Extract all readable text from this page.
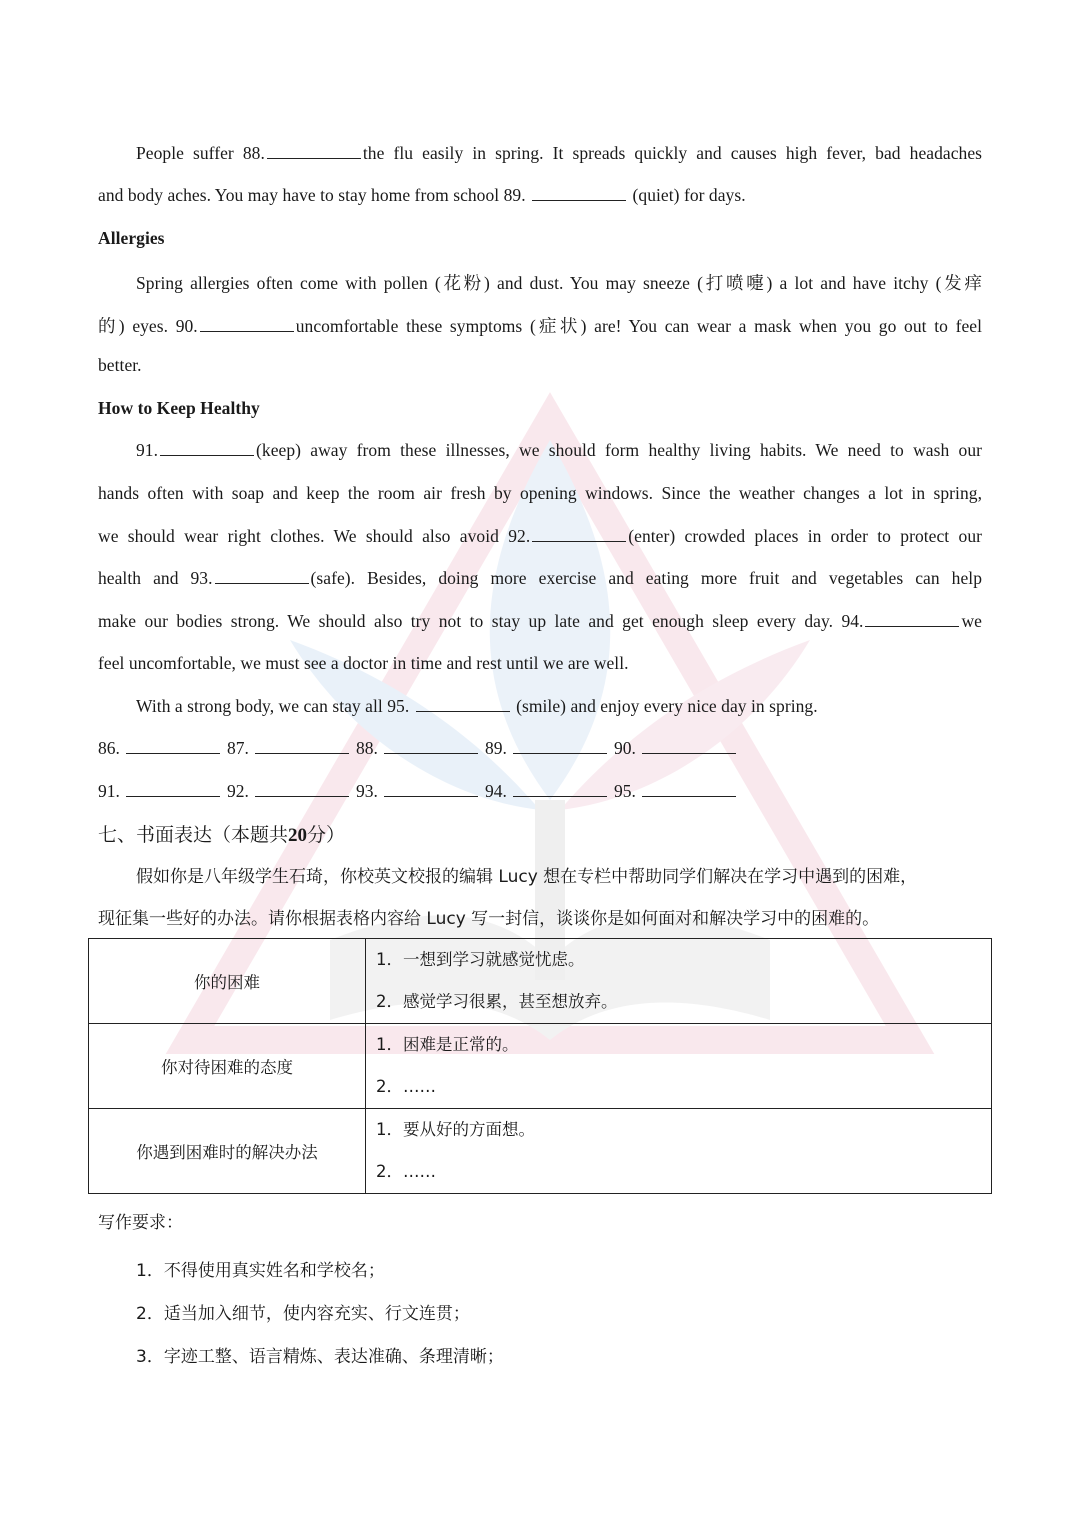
People suffer 88.	the flu easily in spring. It spreads quickly and causes high fever, bad headaches
and body aches. You may have to stay home from school 89.	(quiet) for days.
Allergies
Spring allergies often come with pollen (花粉) and dust. You may sneeze (打喷嚏) a lot and have itchy (发痒
的) eyes. 90.	uncomfortable these symptoms (症状) are! You can wear a mask when you go out to feel
better.
How to Keep Healthy
91.	(keep) away from these illnesses, we should form healthy living habits. We need to wash our
hands often with soap and keep the room air fresh by opening windows. Since the weather changes a lot in spring,
we should wear right clothes. We should also avoid 92.	(enter) crowded places in order to protect our
health and 93.	(safe). Besides, doing more exercise and eating more fruit and vegetables can help
make our bodies strong. We should also try not to stay up late and get enough sleep every day. 94.	we
feel uncomfortable, we must see a doctor in time and rest until we are well.
With a strong body, we can stay all 95.	(smile) and enjoy every nice day in spring.
86.	87.	88.	89.	90.
91.	92.	93.	94.	95.
七、书面表达（本题共20分）
假如你是八年级学生石琦，你校英文校报的编辑 Lucy 想在专栏中帮助同学们解决在学习中遇到的困难，
现征集一些好的办法。请你根据表格内容给 Lucy 写一封信，谈谈你是如何面对和解决学习中的困难的。
你的困难	1．一想到学习就感觉忧虑。
2．感觉学习很累，甚至想放弃。

你对待困难的态度	1．困难是正常的。
2．……

你遇到困难时的解决办法	1．要从好的方面想。
2．……
写作要求：
1．不得使用真实姓名和学校名；
2．适当加入细节，使内容充实、行文连贯；
3．字迹工整、语言精炼、表达准确、条理清晰；
